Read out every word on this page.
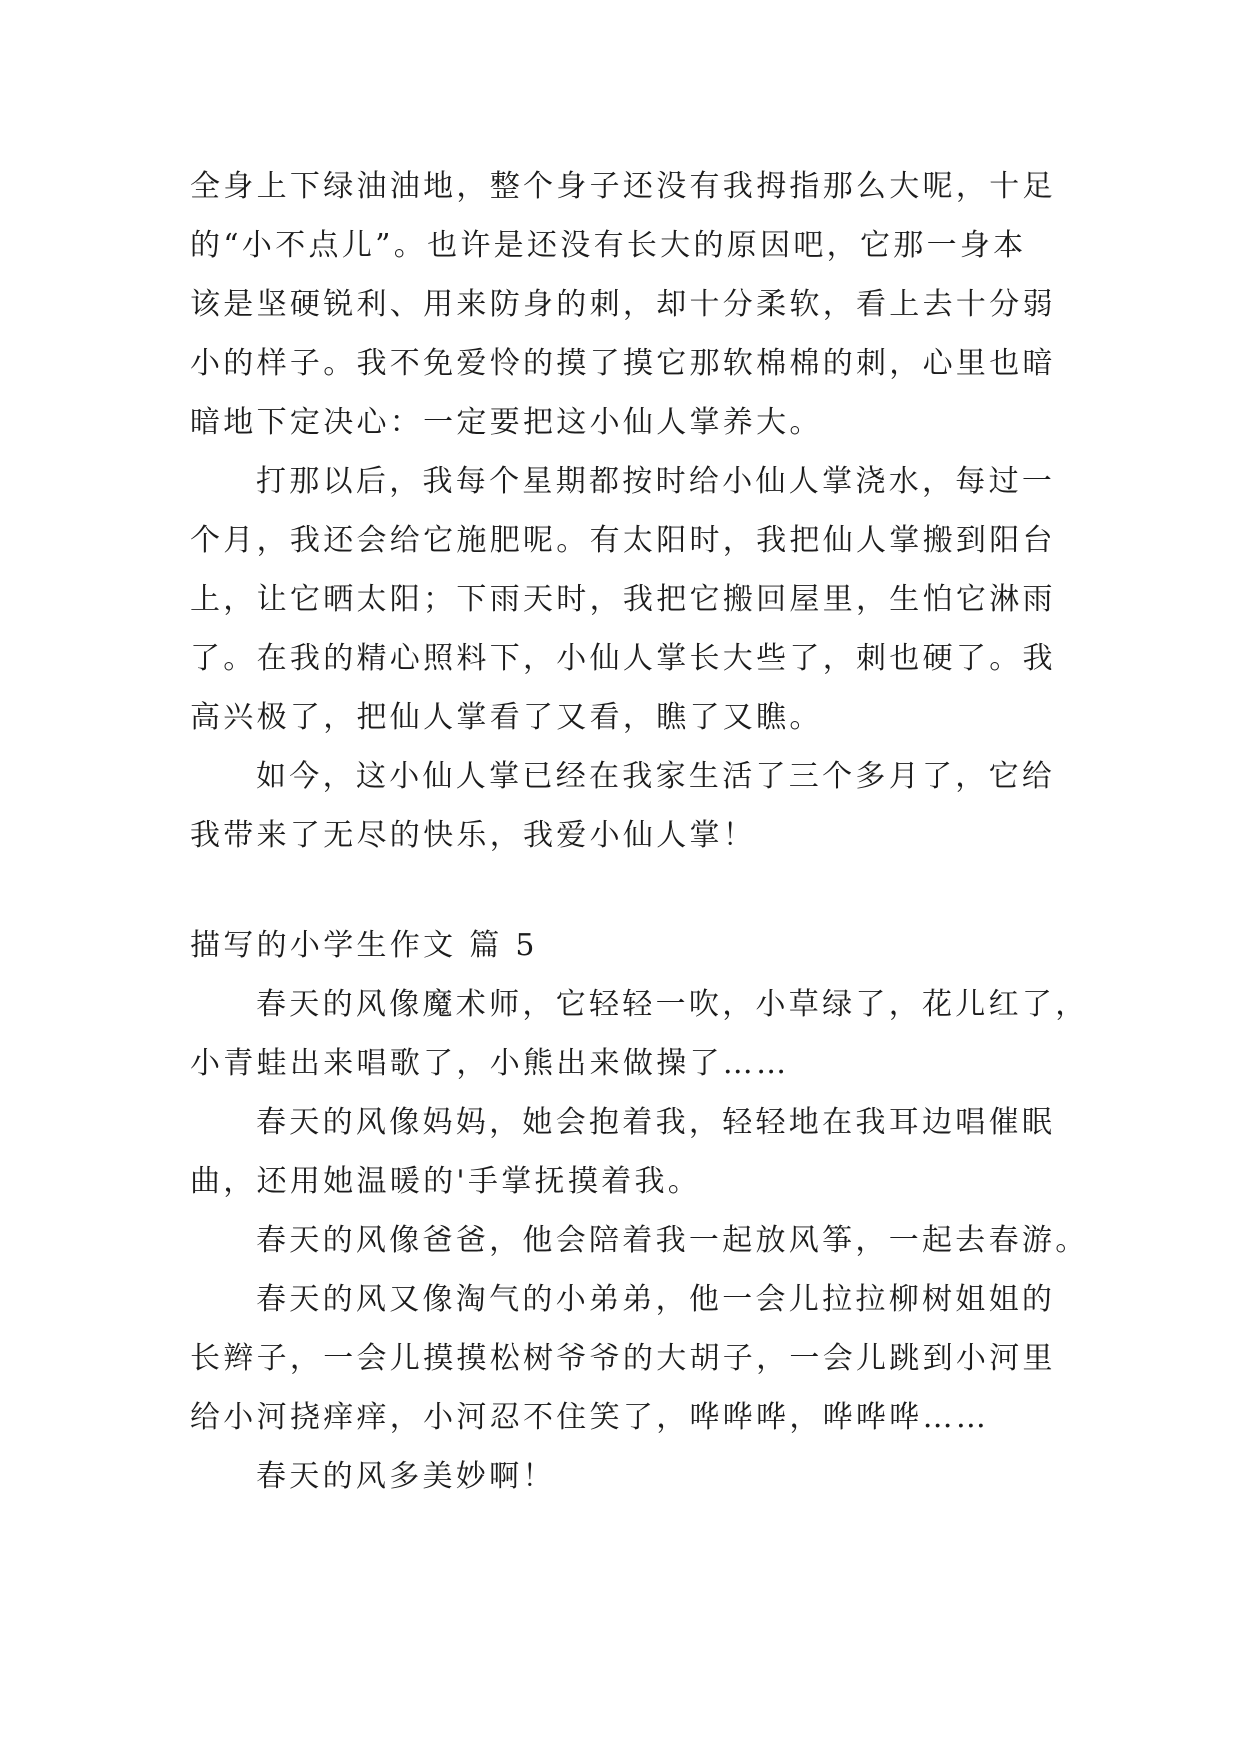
全身上下绿油油地，整个身子还没有我拇指那么大呢，十足
的“小不点儿”。也许是还没有长大的原因吧，它那一身本
该是坚硬锐利、用来防身的刺，却十分柔软，看上去十分弱
小的样子。我不免爱怜的摸了摸它那软棉棉的刺，心里也暗
暗地下定决心：一定要把这小仙人掌养大。
打那以后，我每个星期都按时给小仙人掌浇水，每过一
个月，我还会给它施肥呢。有太阳时，我把仙人掌搬到阳台
上，让它晒太阳；下雨天时，我把它搬回屋里，生怕它淋雨
了。在我的精心照料下，小仙人掌长大些了，刺也硬了。我
高兴极了，把仙人掌看了又看，瞧了又瞧。
如今，这小仙人掌已经在我家生活了三个多月了，它给
我带来了无尽的快乐，我爱小仙人掌！
描写的小学生作文 篇 5
春天的风像魔术师，它轻轻一吹，小草绿了，花儿红了，
小青蛙出来唱歌了，小熊出来做操了……
春天的风像妈妈，她会抱着我，轻轻地在我耳边唱催眠
曲，还用她温暖的'手掌抚摸着我。
春天的风像爸爸，他会陪着我一起放风筝，一起去春游。
春天的风又像淘气的小弟弟，他一会儿拉拉柳树姐姐的
长辫子，一会儿摸摸松树爷爷的大胡子，一会儿跳到小河里
给小河挠痒痒，小河忍不住笑了，哗哗哗，哗哗哗……
春天的风多美妙啊！
